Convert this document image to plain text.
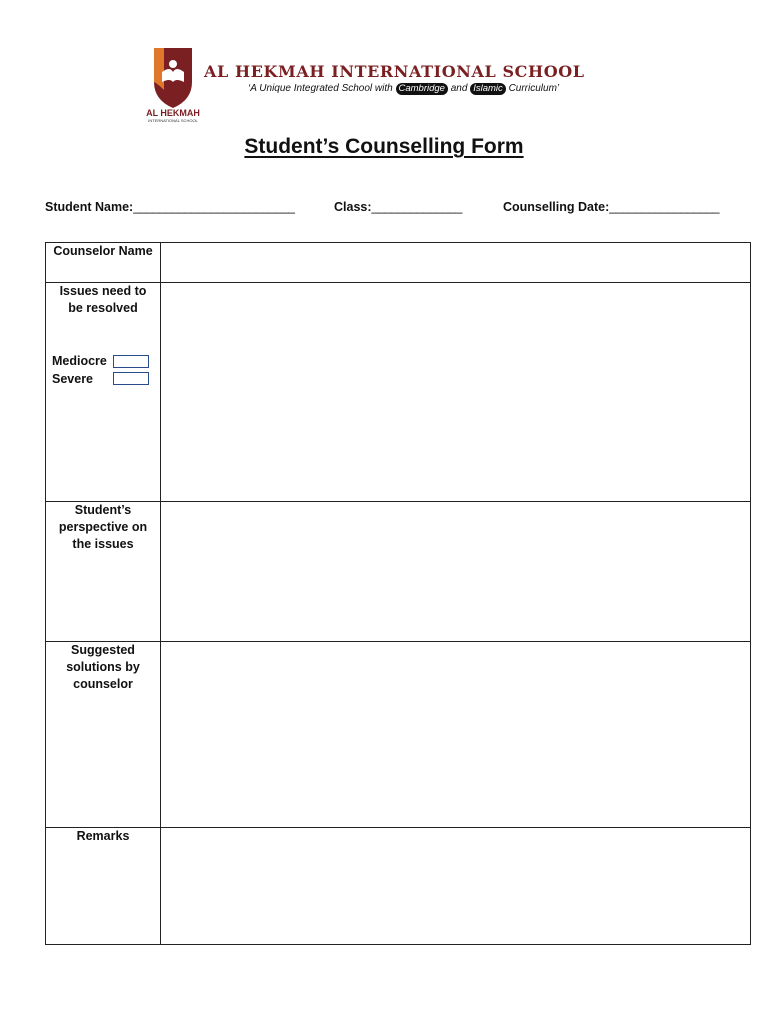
AL HEKMAH
INTERNATIONAL SCHOOL
AL HEKMAH INTERNATIONAL SCHOOL
‘A Unique Integrated School with Cambridge and Islamic Curriculum’
Student’s Counselling Form
Student Name:_________________________	Class:______________	Counselling Date:_________________
Counselor Name	

Issues need to be resolved
Mediocre
Severe	

Student’s perspective on the issues	

Suggested solutions by counselor	

Remarks	
